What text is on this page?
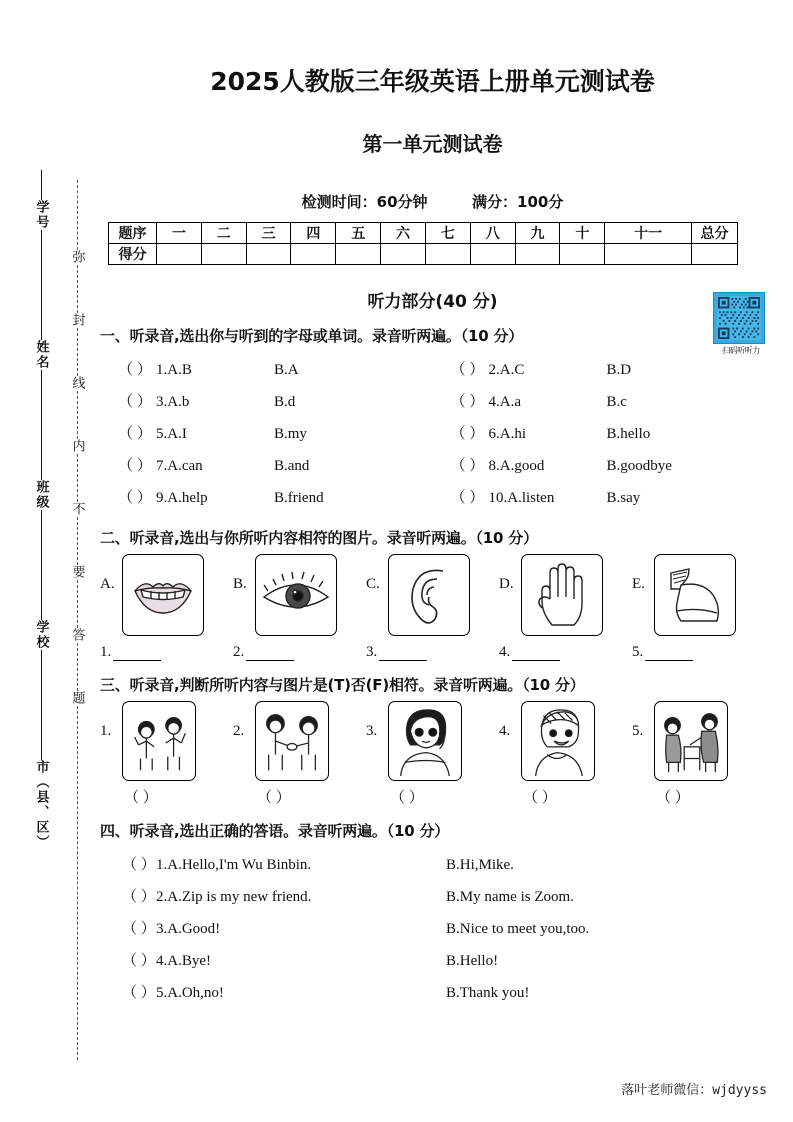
学号
姓名
班级
学校
市（县、区）
弥
封
线
内
不
要
答
题
扫码听听力
2025人教版三年级英语上册单元测试卷
第一单元测试卷
检测时间：60分钟	满分：100分
题序	一	二	三	四	五	六	七	八	九	十	十一	总分
得分												
听力部分(40 分)
一、听录音,选出你与听到的字母或单词。录音听两遍。（10 分）
（ ） 1.A.B	B.A	（ ） 2.A.C	B.D
（ ） 3.A.b	B.d	（ ） 4.A.a	B.c
（ ） 5.A.I	B.my	（ ） 6.A.hi	B.hello
（ ） 7.A.can	B.and	（ ） 8.A.good	B.goodbye
（ ） 9.A.help	B.friend	（ ） 10.A.listen	B.say
二、听录音,选出与你所听内容相符的图片。录音听两遍。（10 分）
A.	B.	C.	D.	E.
1.	2.	3.	4.	5.
三、听录音,判断所听内容与图片是(T)否(F)相符。录音听两遍。（10 分）
1.	2.	3.	4.	5.
（ ）	（ ）	（ ）	（ ）	（ ）
四、听录音,选出正确的答语。录音听两遍。（10 分）
（ ） 1.A.Hello,I'm Wu Binbin.	B.Hi,Mike.
（ ） 2.A.Zip is my new friend.	B.My name is Zoom.
（ ） 3.A.Good!	B.Nice to meet you,too.
（ ） 4.A.Bye!	B.Hello!
（ ） 5.A.Oh,no!	B.Thank you!
落叶老师微信：wjdyyss
